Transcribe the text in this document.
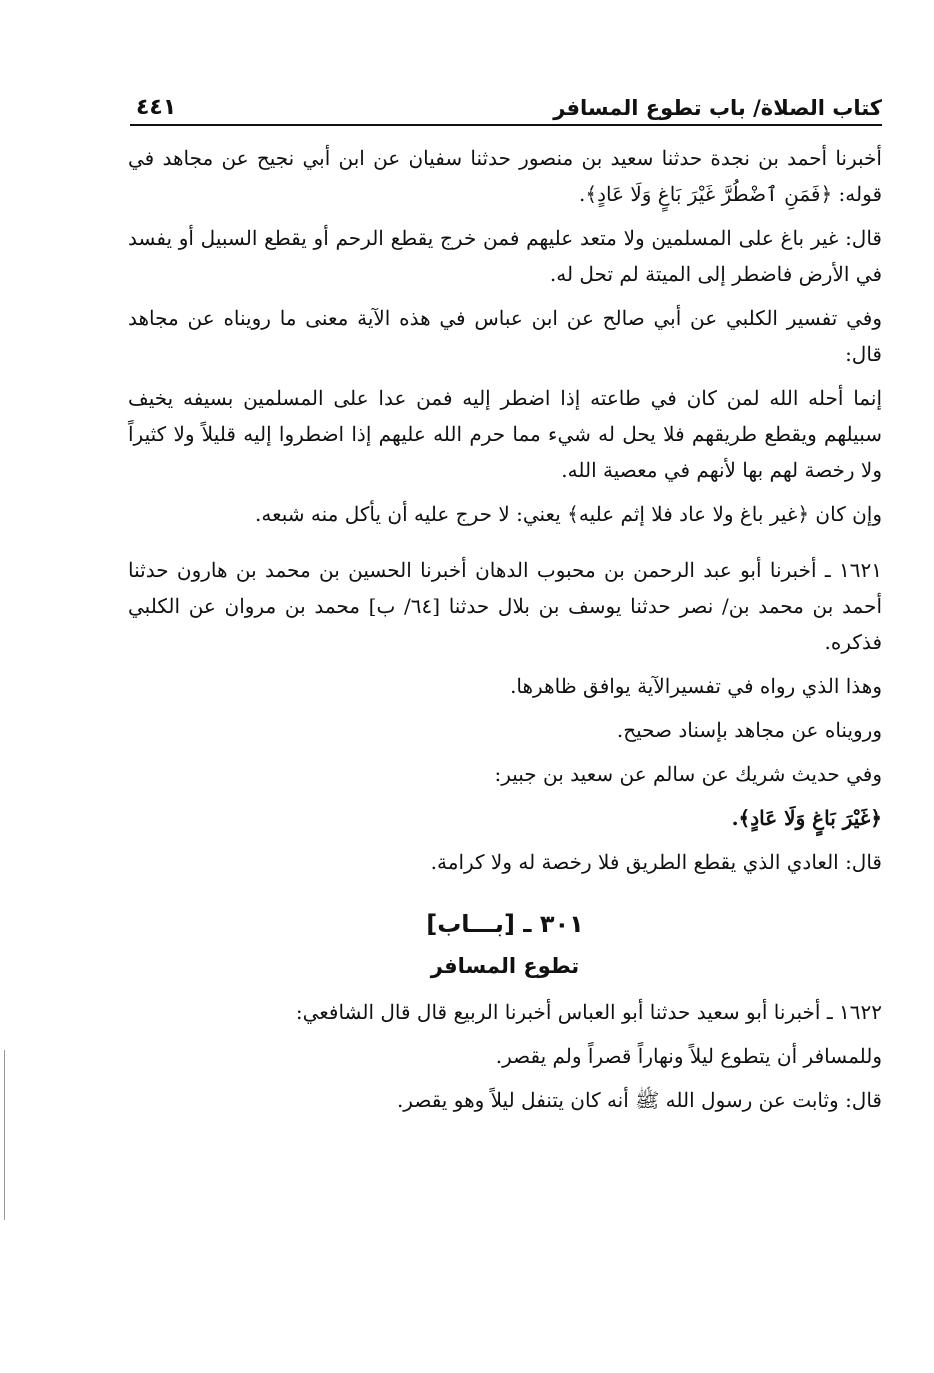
كتاب الصلاة/ باب تطوع المسافر
٤٤١

أخبرنا أحمد بن نجدة حدثنا سعيد بن منصور حدثنا سفيان عن ابن أبي نجيح عن مجاهد في قوله: ﴿فَمَنِ ٱضْطُرَّ غَيْرَ بَاغٍ وَلَا عَادٍ﴾.

قال: غير باغ على المسلمين ولا متعد عليهم فمن خرج يقطع الرحم أو يقطع السبيل أو يفسد في الأرض فاضطر إلى الميتة لم تحل له.

وفي تفسير الكلبي عن أبي صالح عن ابن عباس في هذه الآية معنى ما رويناه عن مجاهد قال:

إنما أحله الله لمن كان في طاعته إذا اضطر إليه فمن عدا على المسلمين بسيفه يخيف سبيلهم ويقطع طريقهم فلا يحل له شيء مما حرم الله عليهم إذا اضطروا إليه قليلاً ولا كثيراً ولا رخصة لهم بها لأنهم في معصية الله.

وإن كان ﴿غير باغ ولا عاد فلا إثم عليه﴾ يعني: لا حرج عليه أن يأكل منه شبعه.

١٦٢١ ـ أخبرنا أبو عبد الرحمن بن محبوب الدهان أخبرنا الحسين بن محمد بن هارون حدثنا أحمد بن محمد بن/ نصر حدثنا يوسف بن بلال حدثنا [٦٤/ ب] محمد بن مروان عن الكلبي فذكره.

وهذا الذي رواه في تفسيرالآية يوافق ظاهرها.

ورويناه عن مجاهد بإسناد صحيح.

وفي حديث شريك عن سالم عن سعيد بن جبير:

﴿غَيْرَ بَاغٍ وَلَا عَادٍ﴾.

قال: العادي الذي يقطع الطريق فلا رخصة له ولا كرامة.

٣٠١ ـ [بـــاب]
تطوع المسافر

١٦٢٢ ـ أخبرنا أبو سعيد حدثنا أبو العباس أخبرنا الربيع قال قال الشافعي:

وللمسافر أن يتطوع ليلاً ونهاراً قصراً ولم يقصر.

قال: وثابت عن رسول الله ﷺ أنه كان يتنفل ليلاً وهو يقصر.
